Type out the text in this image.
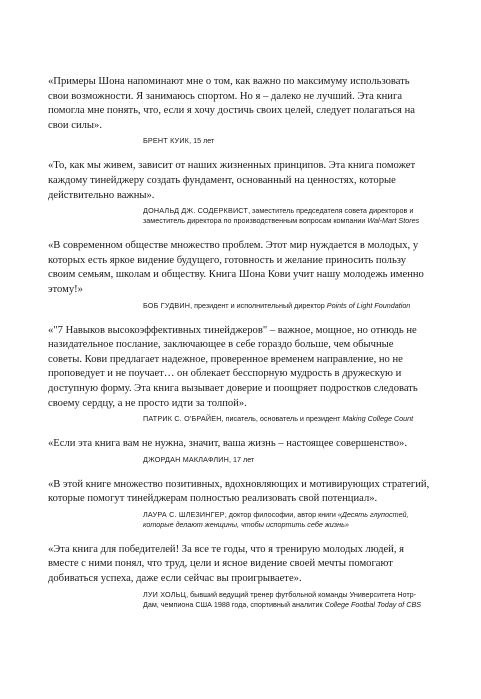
«Примеры Шона напоминают мне о том, как важно по максимуму использовать свои возможности. Я занимаюсь спортом. Но я – далеко не лучший. Эта книга помогла мне понять, что, если я хочу достичь своих целей, следует полагаться на свои силы».

БРЕНТ КУИК, 15 лет

«То, как мы живем, зависит от наших жизненных принципов. Эта книга поможет каждому тинейджеру создать фундамент, основанный на ценностях, которые действительно важны».

ДОНАЛЬД ДЖ. СОДЕРКВИСТ, заместитель председателя совета директоров и заместитель директора по производственным вопросам компании Wal-Mart Stores

«В современном обществе множество проблем. Этот мир нуждается в молодых, у которых есть яркое видение будущего, готовность и желание приносить пользу своим семьям, школам и обществу. Книга Шона Кови учит нашу молодежь именно этому!»

БОБ ГУДВИН, президент и исполнительный директор Points of Light Foundation

«"7 Навыков высокоэффективных тинейджеров" – важное, мощное, но отнюдь не назидательное послание, заключающее в себе гораздо больше, чем обычные советы. Кови предлагает надежное, проверенное временем направление, но не проповедует и не поучает… он облекает бесспорную мудрость в дружескую и доступную форму. Эта книга вызывает доверие и поощряет подростков следовать своему сердцу, а не просто идти за толпой».

ПАТРИК С. О'БРАЙЕН, писатель, основатель и президент Making College Count

«Если эта книга вам не нужна, значит, ваша жизнь – настоящее совершенство».

ДЖОРДАН МАКЛАФЛИН, 17 лет

«В этой книге множество позитивных, вдохновляющих и мотивирующих стратегий, которые помогут тинейджерам полностью реализовать свой потенциал».

ЛАУРА С. ШЛЕЗИНГЕР, доктор философии, автор книги «Десять глупостей, которые делают женщины, чтобы испортить себе жизнь»

«Эта книга для победителей! За все те годы, что я тренирую молодых людей, я вместе с ними понял, что труд, цели и ясное видение своей мечты помогают добиваться успеха, даже если сейчас вы проигрываете».

ЛУИ ХОЛЬЦ, бывший ведущий тренер футбольной команды Университета Нотр-Дам, чемпиона США 1988 года, спортивный аналитик College Footbal Today of CBS
